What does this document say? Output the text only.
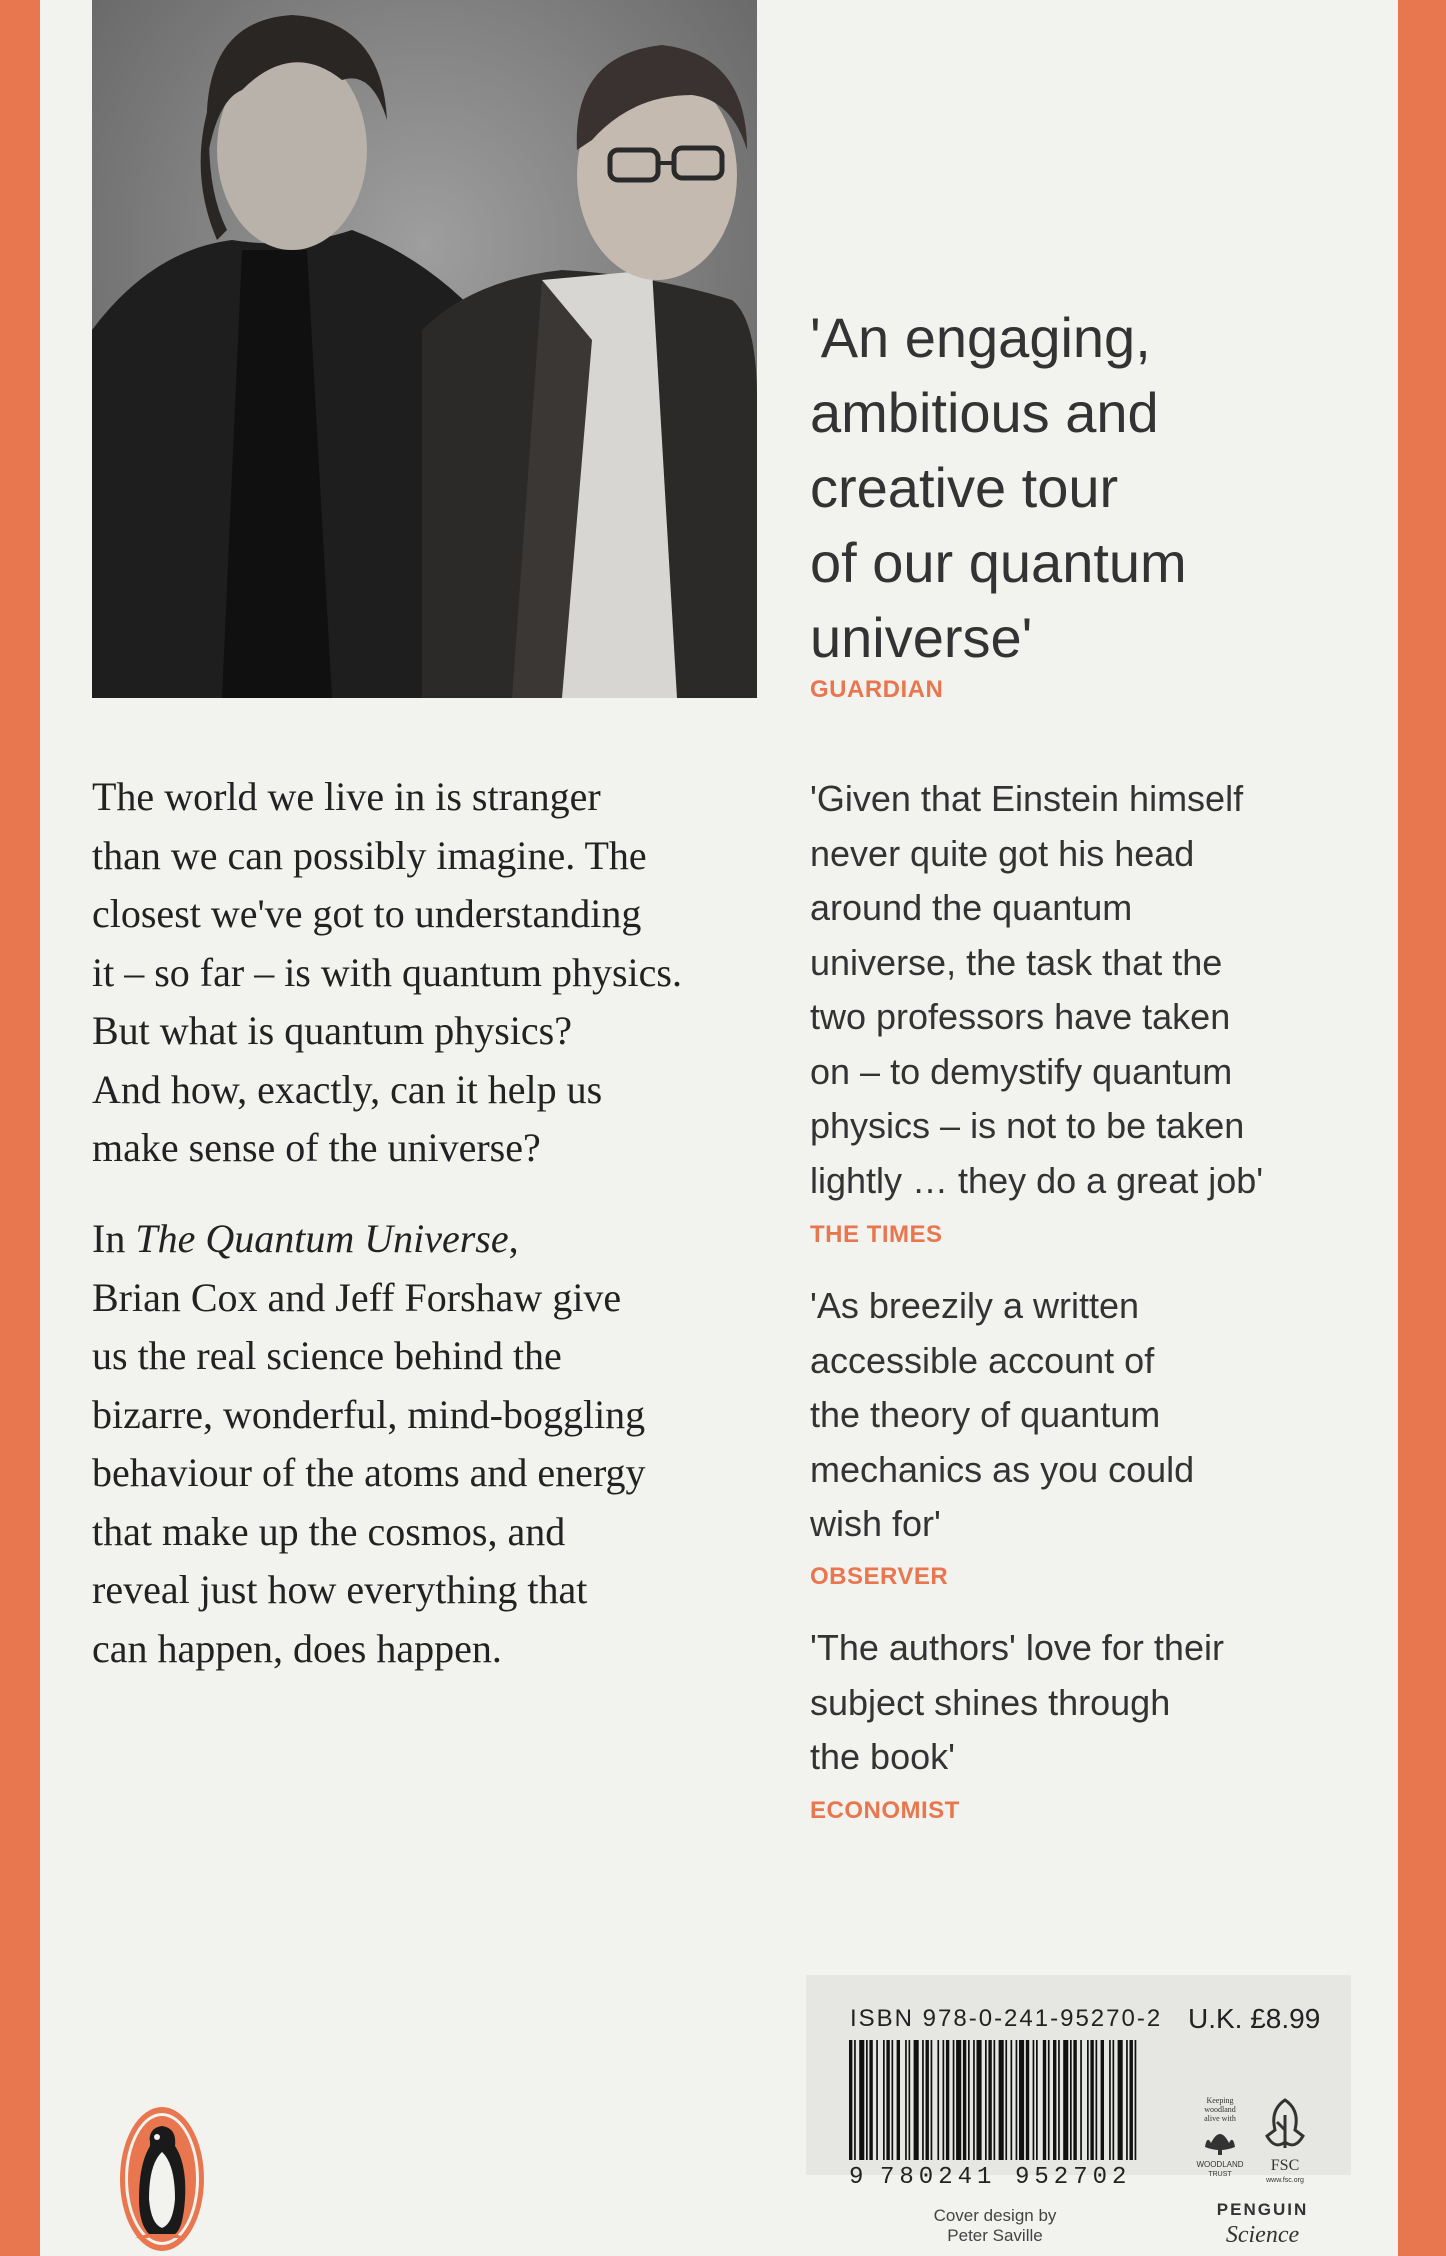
'An engaging,
ambitious and
creative tour
of our quantum
universe'
GUARDIAN

The world we live in is stranger

than we can possibly imagine. The

closest we've got to understanding

it – so far – is with quantum physics.

But what is quantum physics?

And how, exactly, can it help us

make sense of the universe?

In The Quantum Universe,

Brian Cox and Jeff Forshaw give

us the real science behind the

bizarre, wonderful, mind-boggling

behaviour of the atoms and energy

that make up the cosmos, and

reveal just how everything that

can happen, does happen.

'Given that Einstein himself
never quite got his head
around the quantum
universe, the task that the
two professors have taken
on – to demystify quantum
physics – is not to be taken
lightly … they do a great job'
THE TIMES
'As breezily a written
accessible account of
the theory of quantum
mechanics as you could
wish for'
OBSERVER
'The authors' love for their
subject shines through
the book'
ECONOMIST
ISBN 978-0-241-95270-2 U.K. £8.99
9 780241 952702
Keeping
woodland
alive with
WOODLAND
TRUST
FSC
www.fsc.org
Cover design by
Peter Saville
PENGUIN
Science
